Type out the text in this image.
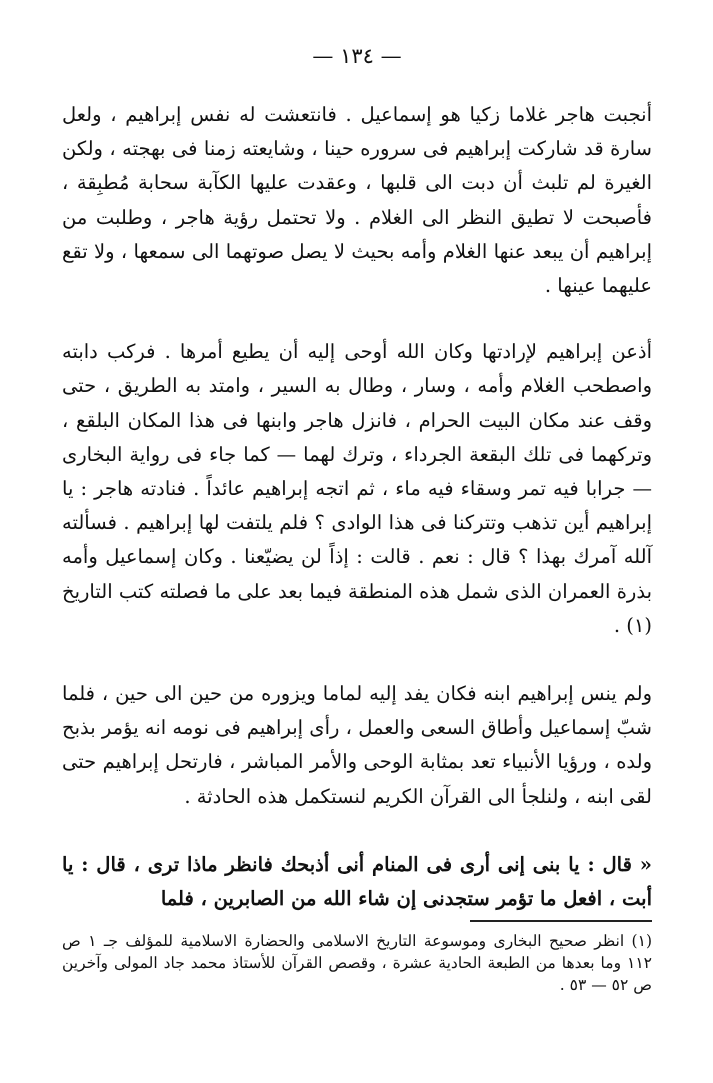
— ١٣٤ —

أنجبت هاجر غلاما زكيا هو إسماعيل . فانتعشت له نفس إبراهيم ، ولعل سارة قد شاركت إبراهيم فى سروره حينا ، وشايعته زمنا فى بهجته ، ولكن الغيرة لم تلبث أن دبت الى قلبها ، وعقدت عليها الكآبة سحابة مُطبِقة ، فأصبحت لا تطيق النظر الى الغلام . ولا تحتمل رؤية هاجر ، وطلبت من إبراهيم أن يبعد عنها الغلام وأمه بحيث لا يصل صوتهما الى سمعها ، ولا تقع عليهما عينها .

أذعن إبراهيم لإرادتها وكان الله أوحى إليه أن يطيع أمرها . فركب دابته واصطحب الغلام وأمه ، وسار ، وطال به السير ، وامتد به الطريق ، حتى وقف عند مكان البيت الحرام ، فانزل هاجر وابنها فى هذا المكان البلقع ، وتركهما فى تلك البقعة الجرداء ، وترك لهما — كما جاء فى رواية البخارى — جرابا فيه تمر وسقاء فيه ماء ، ثم اتجه إبراهيم عائداً . فنادته هاجر : يا إبراهيم أين تذهب وتتركنا فى هذا الوادى ؟ فلم يلتفت لها إبراهيم . فسألته آلله آمرك بهذا ؟ قال : نعم . قالت : إذاً لن يضيّعنا . وكان إسماعيل وأمه بذرة العمران الذى شمل هذه المنطقة فيما بعد على ما فصلته كتب التاريخ (١) .

ولم ينس إبراهيم ابنه فكان يفد إليه لماما ويزوره من حين الى حين ، فلما شبّ إسماعيل وأطاق السعى والعمل ، رأى إبراهيم فى نومه انه يؤمر بذبح ولده ، ورؤيا الأنبياء تعد بمثابة الوحى والأمر المباشر ، فارتحل إبراهيم حتى لقى ابنه ، ولنلجأ الى القرآن الكريم لنستكمل هذه الحادثة .

« قال : يا بنى إنى أرى فى المنام أنى أذبحك فانظر ماذا ترى ، قال : يا أبت ، افعل ما تؤمر ستجدنى إن شاء الله من الصابرين ، فلما

(١) انظر صحيح البخارى وموسوعة التاريخ الاسلامى والحضارة الاسلامية للمؤلف جـ ١ ص ١١٢ وما بعدها من الطبعة الحادية عشرة ، وقصص القرآن للأستاذ محمد جاد المولى وآخرين ص ٥٢ — ٥٣ .
